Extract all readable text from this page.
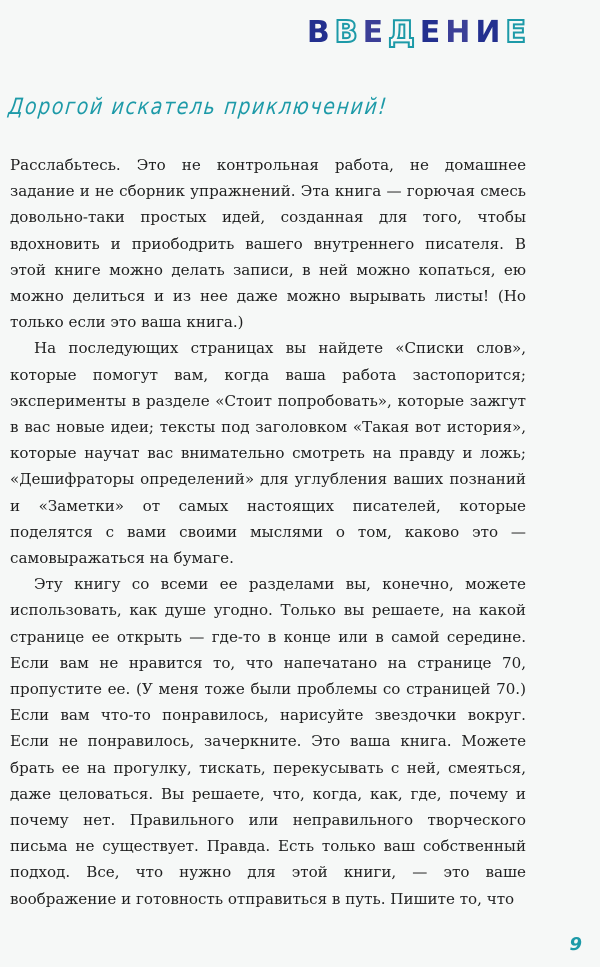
В В Е Д Е Н И Е
Дорогой искатель приключений!

Расслабьтесь. Это не контрольная работа, не домашнее задание и не сборник упражнений. Эта книга — горючая смесь довольно-таки простых идей, созданная для того, чтобы вдохновить и приободрить вашего внутреннего писателя. В этой книге можно делать записи, в ней можно копаться, ею можно делиться и из нее даже можно вырывать листы! (Но только если это ваша книга.)

На последующих страницах вы найдете «Списки слов», которые помогут вам, когда ваша работа застопорится; эксперименты в разделе «Стоит попробовать», которые зажгут в вас новые идеи; тексты под заголовком «Такая вот история», которые научат вас внимательно смотреть на правду и ложь; «Дешифраторы определений» для углубления ваших познаний и «Заметки» от самых настоящих писателей, которые поделятся с вами своими мыслями о том, каково это — самовыражаться на бумаге.

Эту книгу со всеми ее разделами вы, конечно, можете использовать, как душе угодно. Только вы решаете, на какой странице ее открыть — где-то в конце или в самой середине. Если вам не нравится то, что напечатано на странице 70, пропустите ее. (У меня тоже были проблемы со страницей 70.) Если вам что-то понравилось, нарисуйте звездочки вокруг. Если не понравилось, зачеркните. Это ваша книга. Можете брать ее на прогулку, тискать, перекусывать с ней, смеяться, даже целоваться. Вы решаете, что, когда, как, где, почему и почему нет. Правильного или неправильного творческого письма не существует. Правда. Есть только ваш собственный подход. Все, что нужно для этой книги, — это ваше воображение и готовность отправиться в путь. Пишите то, что

9
